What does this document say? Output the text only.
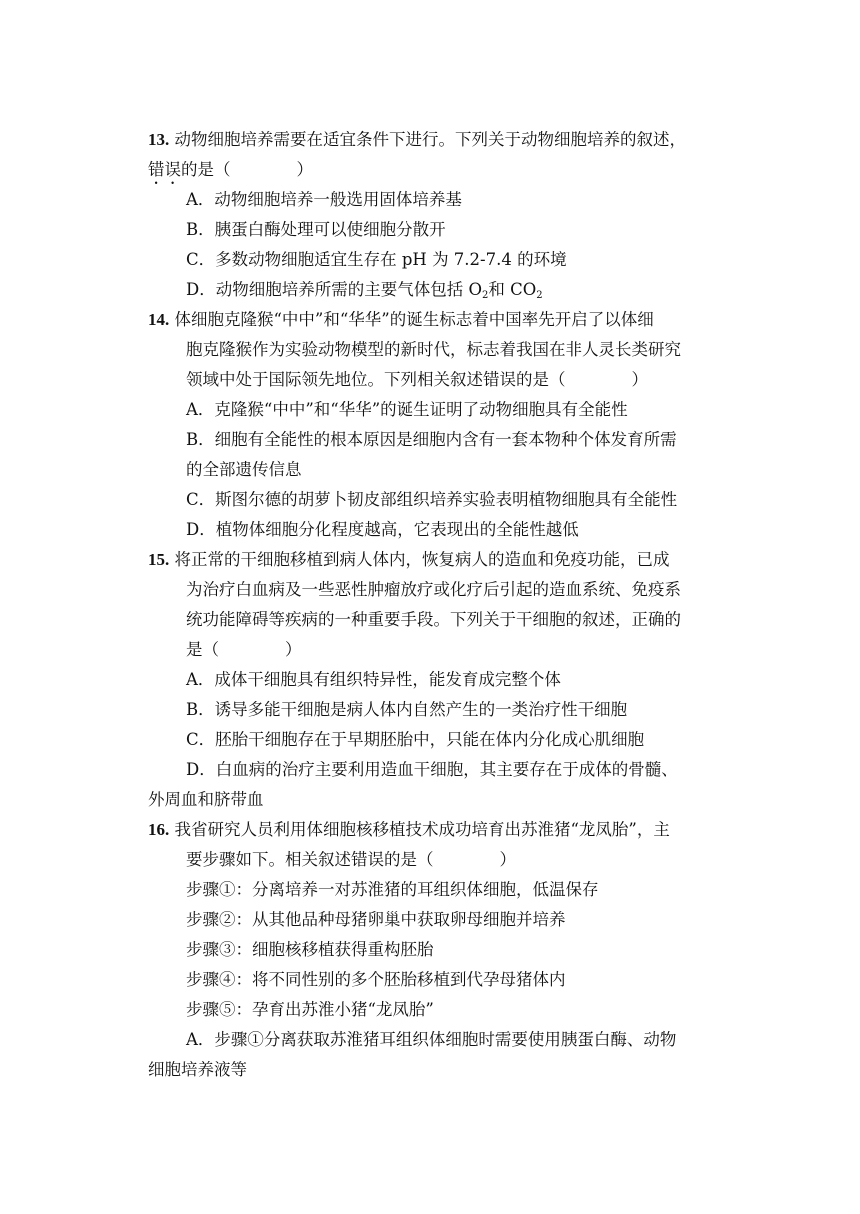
13. 动物细胞培养需要在适宜条件下进行。下列关于动物细胞培养的叙述，
错误的是（　　　　）
A．动物细胞培养一般选用固体培养基
B．胰蛋白酶处理可以使细胞分散开
C．多数动物细胞适宜生存在 pH 为 7.2-7.4 的环境
D．动物细胞培养所需的主要气体包括 $O_2$和 $CO_2$
14. 体细胞克隆猴“中中”和“华华”的诞生标志着中国率先开启了以体细
胞克隆猴作为实验动物模型的新时代，标志着我国在非人灵长类研究
领域中处于国际领先地位。下列相关叙述错误的是（　　　　）
A．克隆猴“中中”和“华华”的诞生证明了动物细胞具有全能性
B．细胞有全能性的根本原因是细胞内含有一套本物种个体发育所需
的全部遗传信息
C．斯图尔德的胡萝卜韧皮部组织培养实验表明植物细胞具有全能性
D．植物体细胞分化程度越高，它表现出的全能性越低
15. 将正常的干细胞移植到病人体内，恢复病人的造血和免疫功能，已成
为治疗白血病及一些恶性肿瘤放疗或化疗后引起的造血系统、免疫系
统功能障碍等疾病的一种重要手段。下列关于干细胞的叙述，正确的
是（　　　　）
A．成体干细胞具有组织特异性，能发育成完整个体
B．诱导多能干细胞是病人体内自然产生的一类治疗性干细胞
C．胚胎干细胞存在于早期胚胎中，只能在体内分化成心肌细胞
D．白血病的治疗主要利用造血干细胞，其主要存在于成体的骨髓、
外周血和脐带血
16. 我省研究人员利用体细胞核移植技术成功培育出苏淮猪“龙凤胎”，主
要步骤如下。相关叙述错误的是（　　　　）
步骤①：分离培养一对苏淮猪的耳组织体细胞，低温保存
步骤②：从其他品种母猪卵巢中获取卵母细胞并培养
步骤③：细胞核移植获得重构胚胎
步骤④：将不同性别的多个胚胎移植到代孕母猪体内
步骤⑤：孕育出苏淮小猪“龙凤胎”
A．步骤①分离获取苏淮猪耳组织体细胞时需要使用胰蛋白酶、动物
细胞培养液等
